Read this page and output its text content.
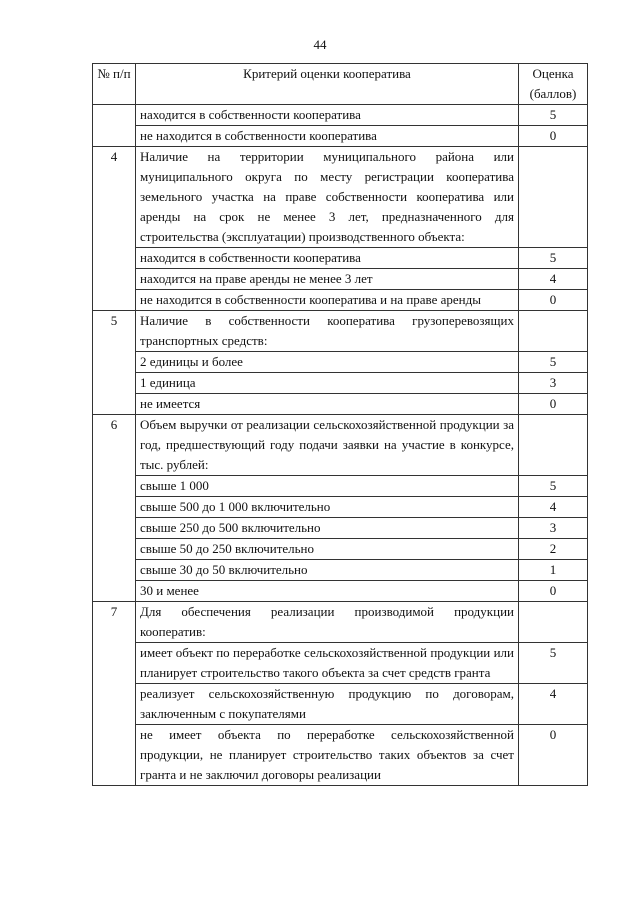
44
№ п/п	Критерий оценки кооператива	Оценка (баллов)
	находится в собственности кооператива	5
	не находится в собственности кооператива	0
4	Наличие на территории муниципального района или муниципального округа по месту регистрации кооператива земельного участка на праве собственности кооператива или аренды на срок не менее 3 лет, предназначенного для строительства (эксплуатации) производственного объекта:	
	находится в собственности кооператива	5
	находится на праве аренды не менее 3 лет	4
	не находится в собственности кооператива и на праве аренды	0
5	Наличие в собственности кооператива грузоперевозящих транспортных средств:	
	2 единицы и более	5
	1 единица	3
	не имеется	0
6	Объем выручки от реализации сельскохозяйственной продукции за год, предшествующий году подачи заявки на участие в конкурсе, тыс. рублей:	
	свыше 1 000	5
	свыше 500 до 1 000 включительно	4
	свыше 250 до 500 включительно	3
	свыше 50 до 250 включительно	2
	свыше 30 до 50 включительно	1
	30 и менее	0
7	Для обеспечения реализации производимой продукции кооператив:	
	имеет объект по переработке сельскохозяйственной продукции или планирует строительство такого объекта за счет средств гранта	5
	реализует сельскохозяйственную продукцию по договорам, заключенным с покупателями	4
	не имеет объекта по переработке сельскохозяйственной продукции, не планирует строительство таких объектов за счет гранта и не заключил договоры реализации	0
